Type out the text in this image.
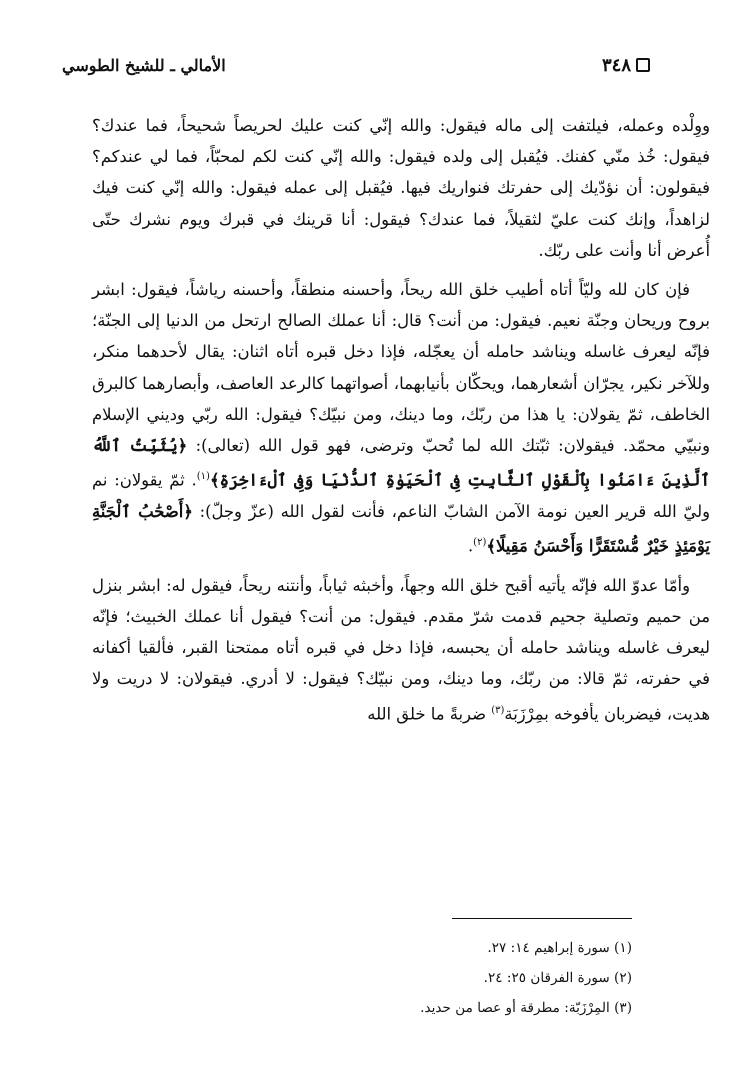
٣٤٨
الأمالي ـ للشيخ الطوسي

ووِلْده وعمله، فيلتفت إلى ماله فيقول: والله إنّي كنت عليك لحريصاً شحيحاً، فما عندك؟ فيقول: خُذ منّي كفنك. فيُقبل إلى ولده فيقول: والله إنّي كنت لكم لمحبّاً، فما لي عندكم؟ فيقولون: أن نؤدّيك إلى حفرتك فنواريك فيها. فيُقبل إلى عمله فيقول: والله إنّي كنت فيك لزاهداً، وإنك كنت عليّ لثقيلاً، فما عندك؟ فيقول: أنا قرينك في قبرك ويوم نشرك حتّى أُعرض أنا وأنت على ربّك.

فإن كان لله وليّاً أتاه أطيب خلق الله ريحاً، وأحسنه منطقاً، وأحسنه رياشاً، فيقول: ابشر بروح وريحان وجنّة نعيم. فيقول: من أنت؟ قال: أنا عملك الصالح ارتحل من الدنيا إلى الجنّة؛ فإنّه ليعرف غاسله ويناشد حامله أن يعجّله، فإذا دخل قبره أتاه اثنان: يقال لأحدهما منكر، وللآخر نكير، يجرّان أشعارهما، ويحكّان بأنيابهما، أصواتهما كالرعد العاصف، وأبصارهما كالبرق الخاطف، ثمّ يقولان: يا هذا من ربّك، وما دينك، ومن نبيّك؟ فيقول: الله ربّي وديني الإسلام ونبيّي محمّد. فيقولان: ثبّتك الله لما تُحبّ وترضى، فهو قول الله (تعالى): ﴿يُثَبِّتُ ٱللَّهُ ٱلَّذِينَ ءَامَنُوا بِٱلْقَوْلِ ٱلثَّابِتِ فِى ٱلْحَيَوٰةِ ٱلدُّنْيَا وَفِى ٱلْءَاخِرَةِ﴾$^{(١)}$. ثمّ يقولان: نم وليّ الله قرير العين نومة الآمن الشابّ الناعم، فأنت لقول الله (عزّ وجلّ): ﴿أَصْحَٰبُ ٱلْجَنَّةِ يَوْمَئِذٍ خَيْرٌ مُّسْتَقَرًّا وَأَحْسَنُ مَقِيلًا﴾$^{(٢)}$.

وأمّا عدوّ الله فإنّه يأتيه أقبح خلق الله وجهاً، وأخبثه ثياباً، وأنتنه ريحاً، فيقول له: ابشر بنزل من حميم وتصلية جحيم قدمت شرّ مقدم. فيقول: من أنت؟ فيقول أنا عملك الخبيث؛ فإنّه ليعرف غاسله ويناشد حامله أن يحبسه، فإذا دخل في قبره أتاه ممتحنا القبر، فألقيا أكفانه في حفرته، ثمّ قالا: من ربّك، وما دينك، ومن نبيّك؟ فيقول: لا أدري. فيقولان: لا دريت ولا هديت، فيضربان يأفوخه بمِرْزَبَة$^{(٣)}$ ضربةً ما خلق الله

(١) سورة إبراهيم ١٤: ٢٧.
(٢) سورة الفرقان ٢٥: ٢٤.
(٣) المِرْزَبّة: مطرقة أو عصا من حديد.
